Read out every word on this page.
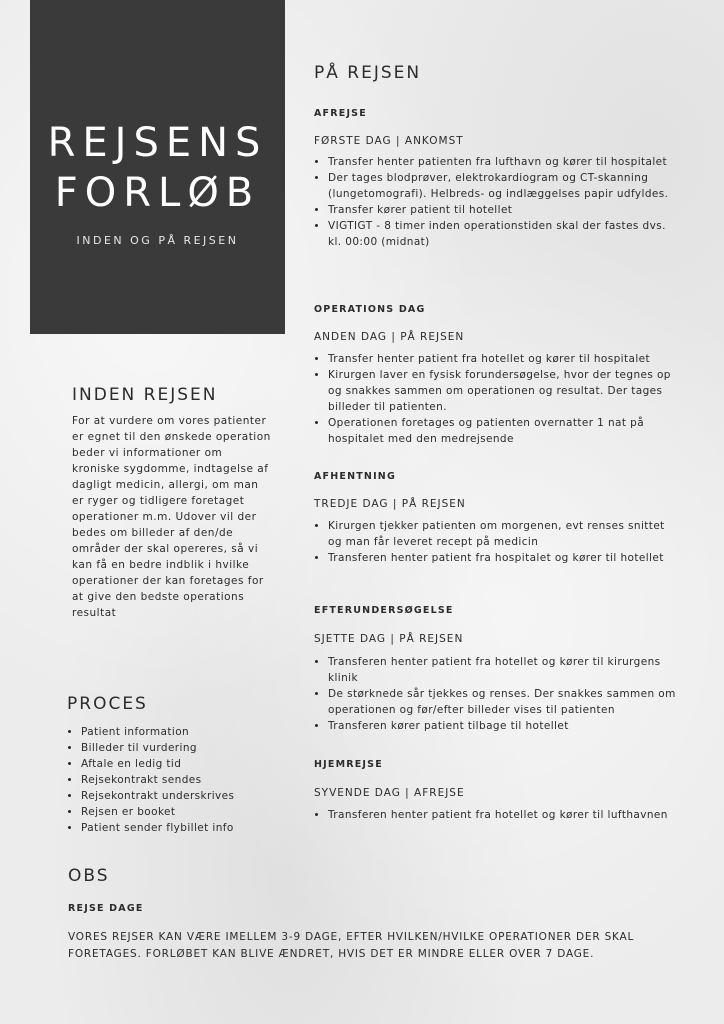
REJSENS
FORLØB
INDEN OG PÅ REJSEN
PÅ REJSEN
AFREJSE
FØRSTE DAG | ANKOMST
• Transfer henter patienten fra lufthavn og kører til hospitalet
• Der tages blodprøver, elektrokardiogram og CT-skanning (lungetomografi). Helbreds- og indlæggelses papir udfyldes.
• Transfer kører patient til hotellet
• VIGTIGT - 8 timer inden operationstiden skal der fastes dvs. kl. 00:00 (midnat)
OPERATIONS DAG
ANDEN DAG | PÅ REJSEN
• Transfer henter patient fra hotellet og kører til hospitalet
• Kirurgen laver en fysisk forundersøgelse, hvor der tegnes op og snakkes sammen om operationen og resultat. Der tages billeder til patienten.
• Operationen foretages og patienten overnatter 1 nat på hospitalet med den medrejsende
AFHENTNING
TREDJE DAG | PÅ REJSEN
• Kirurgen tjekker patienten om morgenen, evt renses snittet og man får leveret recept på medicin
• Transferen henter patient fra hospitalet og kører til hotellet
EFTERUNDERSØGELSE
SJETTE DAG | PÅ REJSEN
• Transferen henter patient fra hotellet og kører til kirurgens klinik
• De størknede sår tjekkes og renses. Der snakkes sammen om operationen og før/efter billeder vises til patienten
• Transferen kører patient tilbage til hotellet
HJEMREJSE
SYVENDE DAG | AFREJSE
• Transferen henter patient fra hotellet og kører til lufthavnen
INDEN REJSEN

For at vurdere om vores patienter er egnet til den ønskede operation beder vi informationer om kroniske sygdomme, indtagelse af dagligt medicin, allergi, om man er ryger og tidligere foretaget operationer m.m. Udover vil der bedes om billeder af den/de områder der skal opereres, så vi kan få en bedre indblik i hvilke operationer der kan foretages for at give den bedste operations resultat

PROCES
• Patient information
• Billeder til vurdering
• Aftale en ledig tid
• Rejsekontrakt sendes
• Rejsekontrakt underskrives
• Rejsen er booket
• Patient sender flybillet info
OBS
REJSE DAGE

VORES REJSER KAN VÆRE IMELLEM 3-9 DAGE, EFTER HVILKEN/HVILKE OPERATIONER DER SKAL FORETAGES. FORLØBET KAN BLIVE ÆNDRET, HVIS DET ER MINDRE ELLER OVER 7 DAGE.
